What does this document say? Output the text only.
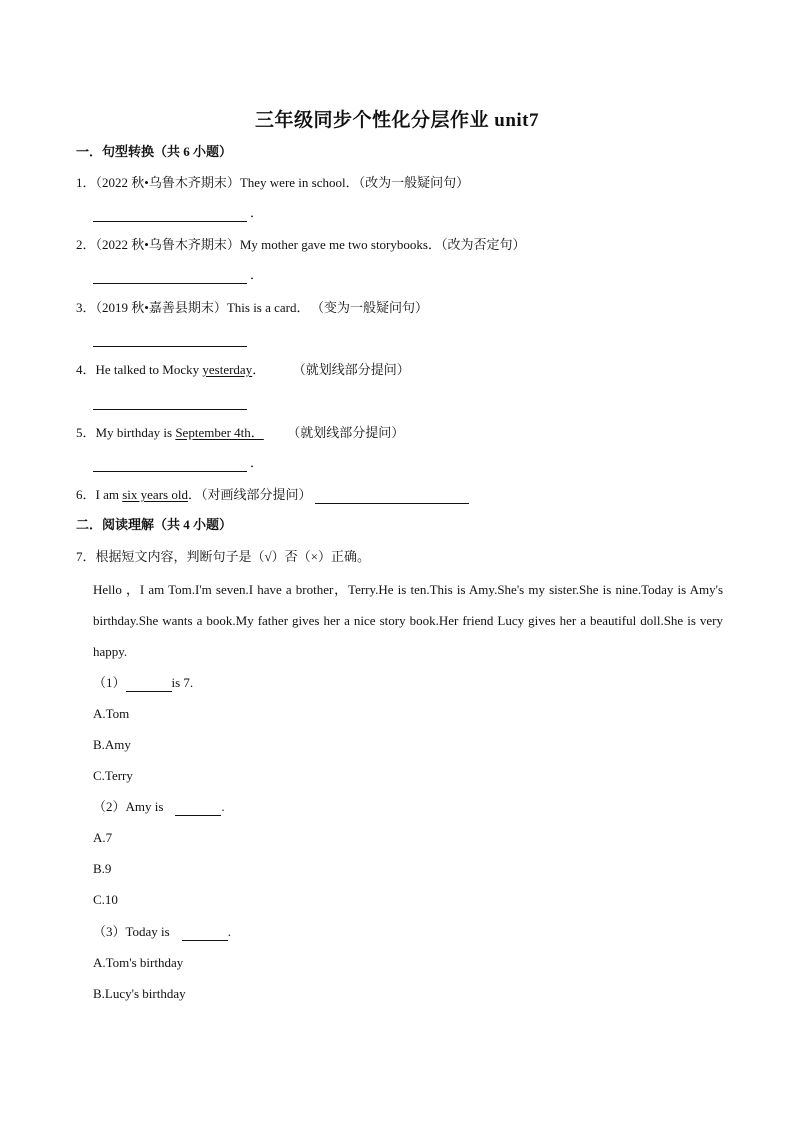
三年级同步个性化分层作业 unit7
一．句型转换（共 6 小题）
1．（2022 秋•乌鲁木齐期末）They were in school．（改为一般疑问句）
．
2．（2022 秋•乌鲁木齐期末）My mother gave me two storybooks．（改为否定句）
．
3．（2019 秋•嘉善县期末）This is a card． （变为一般疑问句）
4．He talked to Mocky yesterday．	（就划线部分提问）
5．My birthday is September 4th． （就划线部分提问）
．
6．I am six years old．（对画线部分提问）
二．阅读理解（共 4 小题）
7．根据短文内容，判断句子是（√）否（×）正确。
Hello ，I am Tom.I'm seven.I have a brother，Terry.He is ten.This is Amy.She's my sister.She is nine.Today is Amy's birthday.She wants a book.My father gives her a nice story book.Her friend Lucy gives her a beautiful doll.She is very happy.
（1）	is 7.
A.Tom
B.Amy
C.Terry
（2）Amy is	.
A.7
B.9
C.10
（3）Today is	.
A.Tom's birthday
B.Lucy's birthday
